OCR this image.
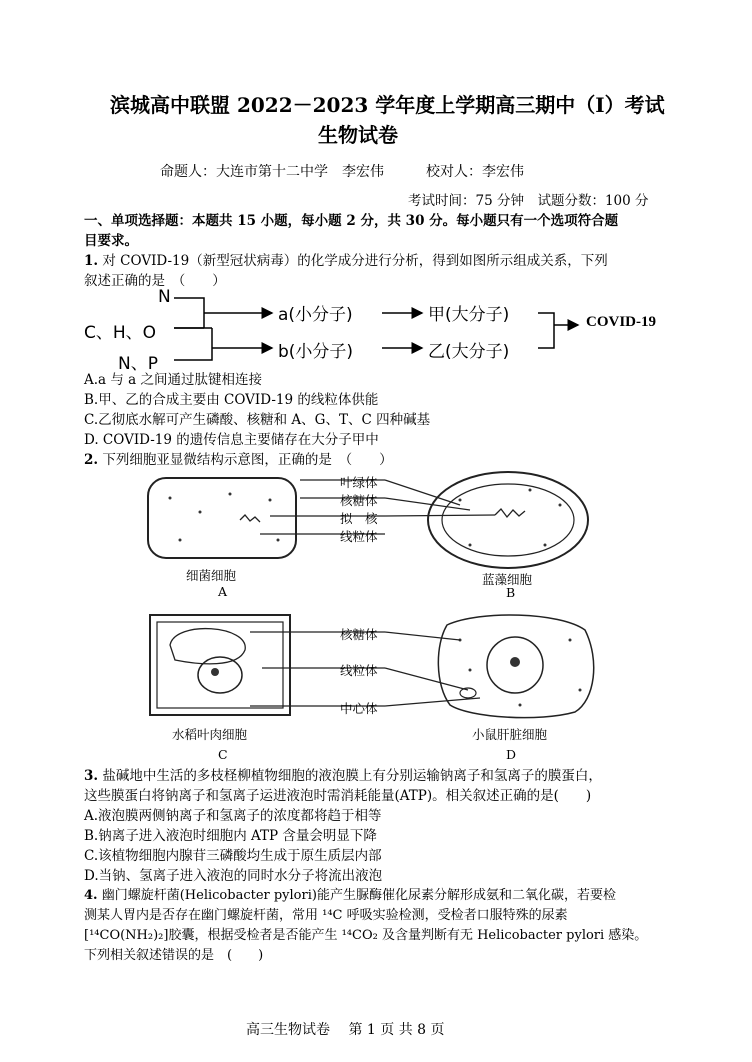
滨城高中联盟 2022－2023 学年度上学期高三期中（I）考试
生物试卷
命题人：大连市第十二中学　李宏伟　　　校对人：李宏伟
考试时间：75 分钟　试题分数：100 分
一、单项选择题：本题共 15 小题，每小题 2 分，共 30 分。每小题只有一个选项符合题
目要求。
1. 对 COVID-19（新型冠状病毒）的化学成分进行分析，得到如图所示组成关系，下列
叙述正确的是　（　　）
N
C、H、O
N、P
a(小分子)
b(小分子)
甲(大分子)
乙(大分子)
COVID-19
A.a 与 a 之间通过肽键相连接
B.甲、乙的合成主要由 COVID-19 的线粒体供能
C.乙彻底水解可产生磷酸、核糖和 A、G、T、C 四种碱基
D. COVID-19 的遗传信息主要储存在大分子甲中
2. 下列细胞亚显微结构示意图，正确的是　（　　）
叶绿体
核糖体
拟　核
线粒体
核糖体
线粒体
中心体
细菌细胞
A
蓝藻细胞
B
水稻叶肉细胞
C
小鼠肝脏细胞
D
3. 盐碱地中生活的多枝柽柳植物细胞的液泡膜上有分别运输钠离子和氢离子的膜蛋白，
这些膜蛋白将钠离子和氢离子运进液泡时需消耗能量(ATP)。相关叙述正确的是(　　)
A.液泡膜两侧钠离子和氢离子的浓度都将趋于相等
B.钠离子进入液泡时细胞内 ATP 含量会明显下降
C.该植物细胞内腺苷三磷酸均生成于原生质层内部
D.当钠、氢离子进入液泡的同时水分子将流出液泡
4. 幽门螺旋杆菌(Helicobacter pylori)能产生脲酶催化尿素分解形成氨和二氧化碳，若要检
测某人胃内是否存在幽门螺旋杆菌，常用 ¹⁴C 呼吸实验检测，受检者口服特殊的尿素
[¹⁴CO(NH₂)₂]胶囊，根据受检者是否能产生 ¹⁴CO₂ 及含量判断有无 Helicobacter pylori 感染。
下列相关叙述错误的是　(　　)
高三生物试卷　 第 1 页 共 8 页
